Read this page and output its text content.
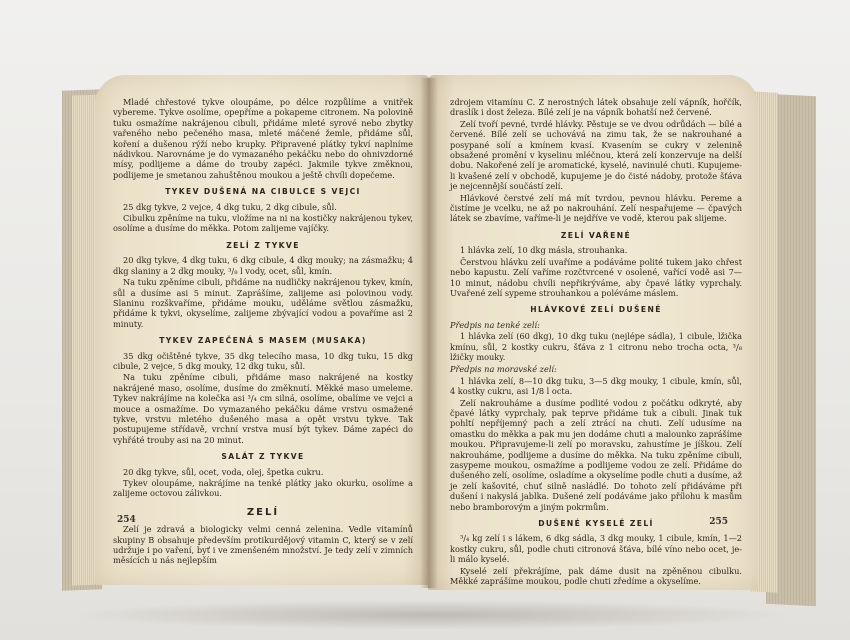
Mladé chřestové tykve oloupáme, po délce rozpůlíme a vnitřek vybereme. Tykve osolíme, opepříme a pokapeme citronem. Na polovině tuku osmažíme nakrájenou cibuli, přidáme mleté syrové nebo zbytky vařeného nebo pečeného masa, mleté máčené žemle, přidáme sůl, koření a dušenou rýží nebo krupky. Připravené plátky tykví naplníme nádivkou. Narovnáme je do vymazaného pekáčku nebo do ohnivzdorné mísy, podlijeme a dáme do trouby zapéci. Jakmile tykve změknou, podlijeme je smetanou zahuštěnou moukou a ještě chvíli dopečeme.

TYKEV DUŠENÁ NA CIBULCE S VEJCI

25 dkg tykve, 2 vejce, 4 dkg tuku, 2 dkg cibule, sůl.

Cibulku zpěníme na tuku, vložíme na ni na kostičky nakrájenou tykev, osolíme a dusíme do měkka. Potom zalijeme vajíčky.

ZELÍ Z TYKVE

20 dkg tykve, 4 dkg tuku, 6 dkg cibule, 4 dkg mouky; na zásmažku; 4 dkg slaniny a 2 dkg mouky, ³/₈ l vody, ocet, sůl, kmín.

Na tuku zpěníme cibuli, přidáme na nudličky nakrájenou tykev, kmín, sůl a dusíme asi 5 minut. Zaprášíme, zalijeme asi polovinou vody. Slaninu rozškvaříme, přidáme mouku, uděláme světlou zásmažku, přidáme k tykvi, okyselíme, zalijeme zbývající vodou a povaříme asi 2 minuty.

TYKEV ZAPEČENÁ S MASEM (MUSAKA)

35 dkg očištěné tykve, 35 dkg telecího masa, 10 dkg tuku, 15 dkg cibule, 2 vejce, 5 dkg mouky, 12 dkg tuku, sůl.

Na tuku zpěníme cibuli, přidáme maso nakrájené na kostky nakrájené maso, osolíme, dusíme do změknutí. Měkké maso umeleme. Tykev nakrájíme na kolečka asi ³/₄ cm silná, osolíme, obalíme ve vejci a mouce a osmažíme. Do vymazaného pekáčku dáme vrstvu osmažené tykve, vrstvu mletého dušeného masa a opět vrstvu tykve. Tak postupujeme střídavě, vrchní vrstva musí být tykev. Dáme zapéci do vyhřáté trouby asi na 20 minut.

SALÁT Z TYKVE

20 dkg tykve, sůl, ocet, voda, olej, špetka cukru.

Tykev oloupáme, nakrájíme na tenké plátky jako okurku, osolíme a zalijeme octovou zálivkou.

ZELÍ

Zelí je zdravá a biologicky velmi cenná zelenina. Vedle vitamínů skupiny B obsahuje především protikurdějový vitamin C, který se v zelí udržuje i po vaření, byť i ve zmenšeném množství. Je tedy zelí v zimních měsících u nás nejlepším

254

zdrojem vitamínu C. Z nerostných látek obsahuje zelí vápník, hořčík, draslík i dost železa. Bílé zelí je na vápník bohatší než červené.

Zelí tvoří pevné, tvrdé hlávky. Pěstuje se ve dvou odrůdách — bílé a červené. Bílé zelí se uchovává na zimu tak, že se nakrouhané a posypané solí a kmínem kvasí. Kvasením se cukry v zelenině obsažené promění v kyselinu mléčnou, která zelí konzervuje na delší dobu. Nakořené zelí je aromatické, kyselé, navinulé chuti. Kupujeme-li kvašené zelí v obchodě, kupujeme je do čisté nádoby, protože šťáva je nejcennější součástí zelí.

Hlávkové čerstvé zelí má mít tvrdou, pevnou hlávku. Pereme a čistíme je vcelku, ne až po nakrouhání. Zelí nespařujeme — čpavých látek se zbavíme, vaříme-li je nejdříve ve vodě, kterou pak slijeme.

ZELÍ VAŘENÉ

1 hlávka zelí, 10 dkg másla, strouhanka.

Čerstvou hlávku zelí uvaříme a podáváme polité tukem jako chřest nebo kapustu. Zelí vaříme rozčtvrcené v osolené, vařící vodě asi 7—10 minut, nádobu chvíli nepřikrýváme, aby čpavé látky vyprchaly. Uvařené zelí sypeme strouhankou a poléváme máslem.

HLÁVKOVÉ ZELÍ DUŠENÉ

Předpis na tenké zelí:

1 hlávka zelí (60 dkg), 10 dkg tuku (nejlépe sádla), 1 cibule, lžička kmínu, sůl, 2 kostky cukru, šťáva z 1 citronu nebo trocha octa, ³/₈ lžičky mouky.

Předpis na moravské zelí:

1 hlávka zelí, 8—10 dkg tuku, 3—5 dkg mouky, 1 cibule, kmín, sůl, 4 kostky cukru, asi 1/8 l octa.

Zelí nakrouháme a dusíme podlité vodou z počátku odkryté, aby čpavé látky vyprchaly, pak teprve přidáme tuk a cibuli. Jinak tuk pohltí nepříjemný pach a zelí ztrácí na chuti. Zelí udusíme na omastku do měkka a pak mu jen dodáme chuti a malounko zaprášíme moukou. Připravujeme-li zelí po moravsku, zahustíme je jíškou. Zelí nakrouháme, podlijeme a dusíme do měkka. Na tuku zpěníme cibuli, zasypeme moukou, osmažíme a podlijeme vodou ze zelí. Přidáme do dušeného zelí, osolíme, osladíme a okyselíme podle chuti a dusíme, až je zelí kašovité, chuť silně nasládlé. Do tohoto zelí přidáváme při dušení i nakyslá jablka. Dušené zelí podáváme jako přílohu k masům nebo bramborovým a jiným pokrmům.

DUŠENÉ KYSELÉ ZELÍ

³/₄ kg zelí i s lákem, 6 dkg sádla, 3 dkg mouky, 1 cibule, kmín, 1—2 kostky cukru, sůl, podle chuti citronová šťáva, bílé víno nebo ocet, je-li málo kyselé.

Kyselé zelí překrájíme, pak dáme dusit na zpěněnou cibulku. Měkké zaprášíme moukou, podle chuti zředíme a okyselíme.

255
